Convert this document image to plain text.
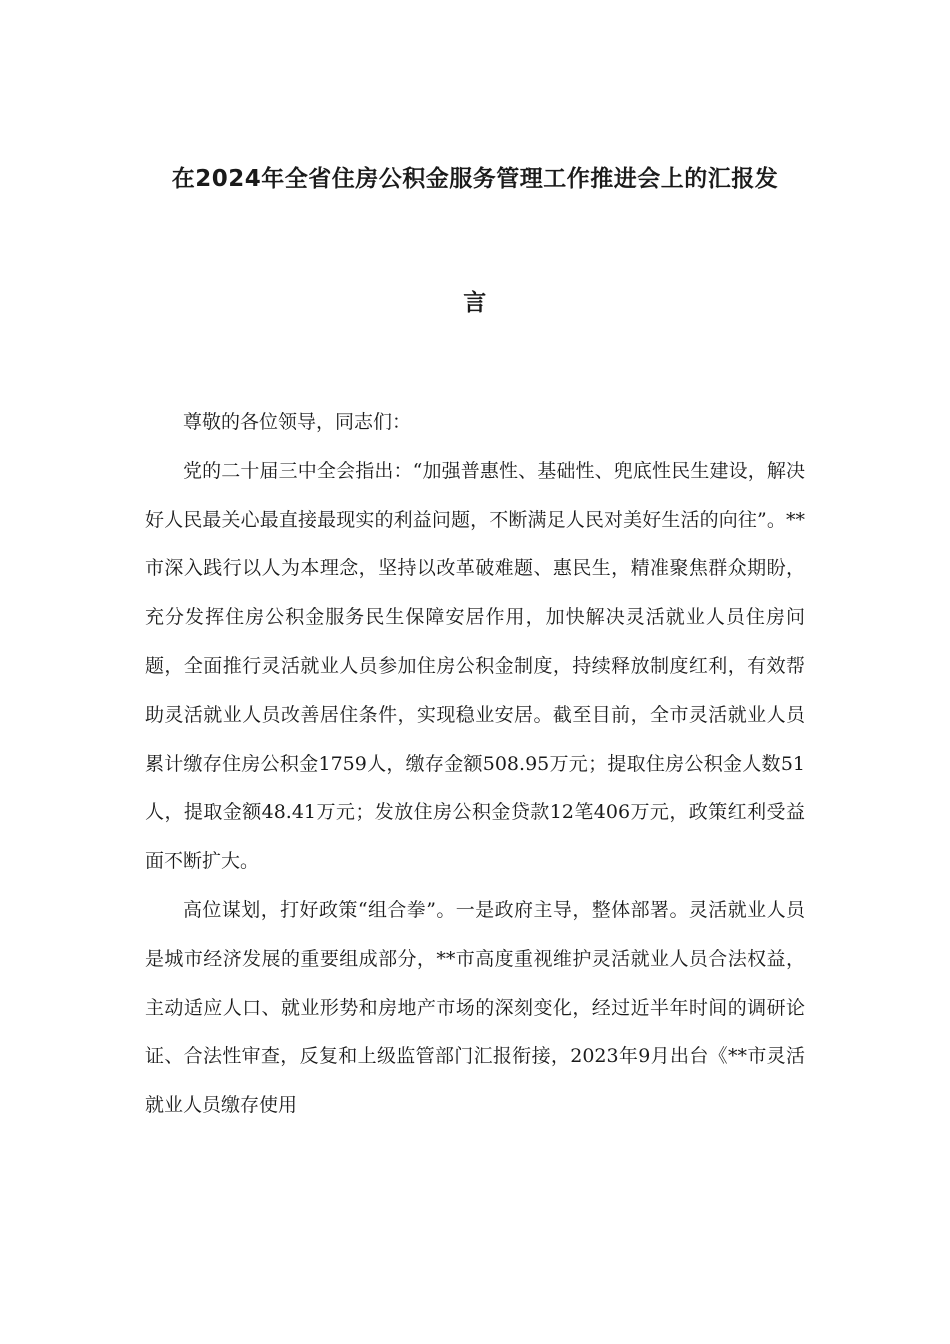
在2024年全省住房公积金服务管理工作推进会上的汇报发
言

尊敬的各位领导，同志们：

党的二十届三中全会指出：“加强普惠性、基础性、兜底性民生建设，解决好人民最关心最直接最现实的利益问题，不断满足人民对美好生活的向往”。**市深入践行以人为本理念，坚持以改革破难题、惠民生，精准聚焦群众期盼，充分发挥住房公积金服务民生保障安居作用，加快解决灵活就业人员住房问题，全面推行灵活就业人员参加住房公积金制度，持续释放制度红利，有效帮助灵活就业人员改善居住条件，实现稳业安居。截至目前，全市灵活就业人员累计缴存住房公积金1759人，缴存金额508.95万元；提取住房公积金人数51人，提取金额48.41万元；发放住房公积金贷款12笔406万元，政策红利受益面不断扩大。

高位谋划，打好政策“组合拳”。一是政府主导，整体部署。灵活就业人员是城市经济发展的重要组成部分，**市高度重视维护灵活就业人员合法权益，主动适应人口、就业形势和房地产市场的深刻变化，经过近半年时间的调研论证、合法性审查，反复和上级监管部门汇报衔接，2023年9月出台《**市灵活就业人员缴存使用
